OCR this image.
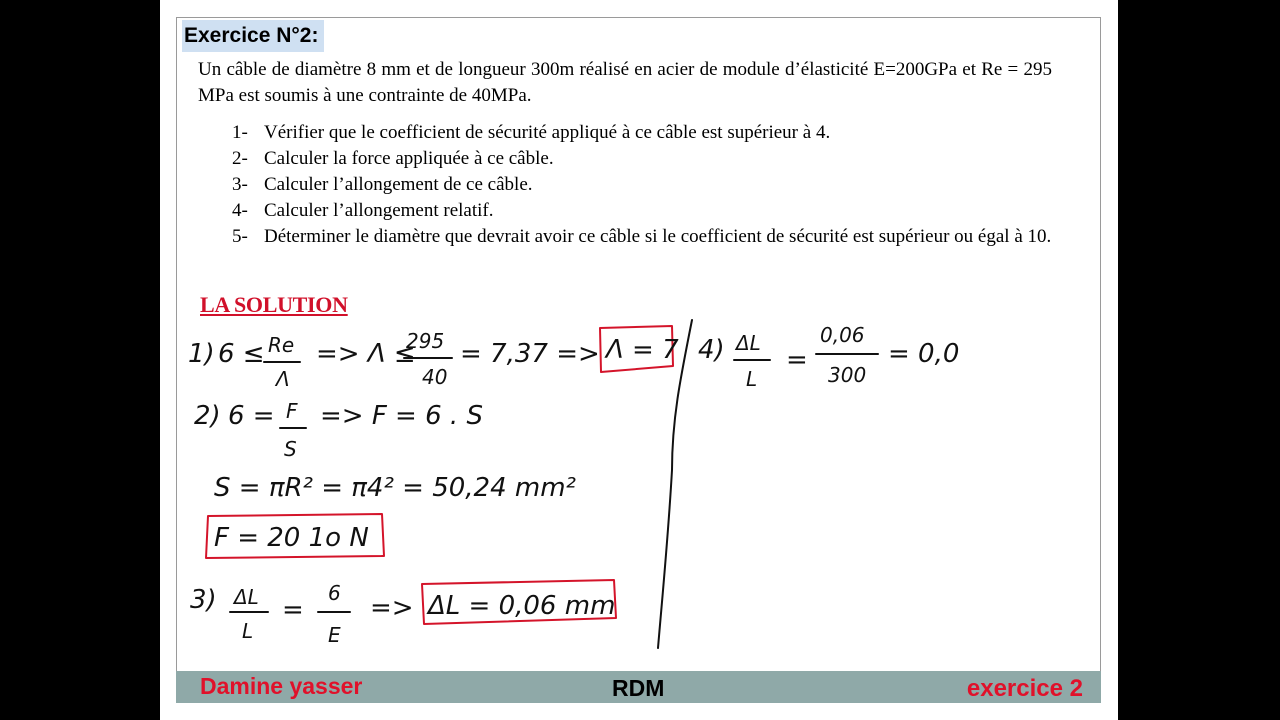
Exercice N°2:
Un câble de diamètre 8 mm et de longueur 300m réalisé en acier de module d’élasticité E=200GPa et Re = 295 MPa est soumis à une contrainte de 40MPa.
1- Vérifier que le coefficient de sécurité appliqué à ce câble est supérieur à 4.
2- Calculer la force appliquée à ce câble.
3- Calculer l’allongement de ce câble.
4- Calculer l’allongement relatif.
5- Déterminer le diamètre que devrait avoir ce câble si le coefficient de sécurité est supérieur ou égal à 10.
LA SOLUTION
1) 6 ≤ Re
Λ
=> Λ ≤
295
40
= 7,37 => Λ = 7
2) 6 = F
S
=> F = 6 . S
S = πR² = π4² = 50,24 mm²
F = 20 1o N
3) ΔL
L
=
6
E
=> ΔL = 0,06 mm
4) ΔL
L
=
0,06
300
= 0,0
Damine yasser	RDM	exercice 2
